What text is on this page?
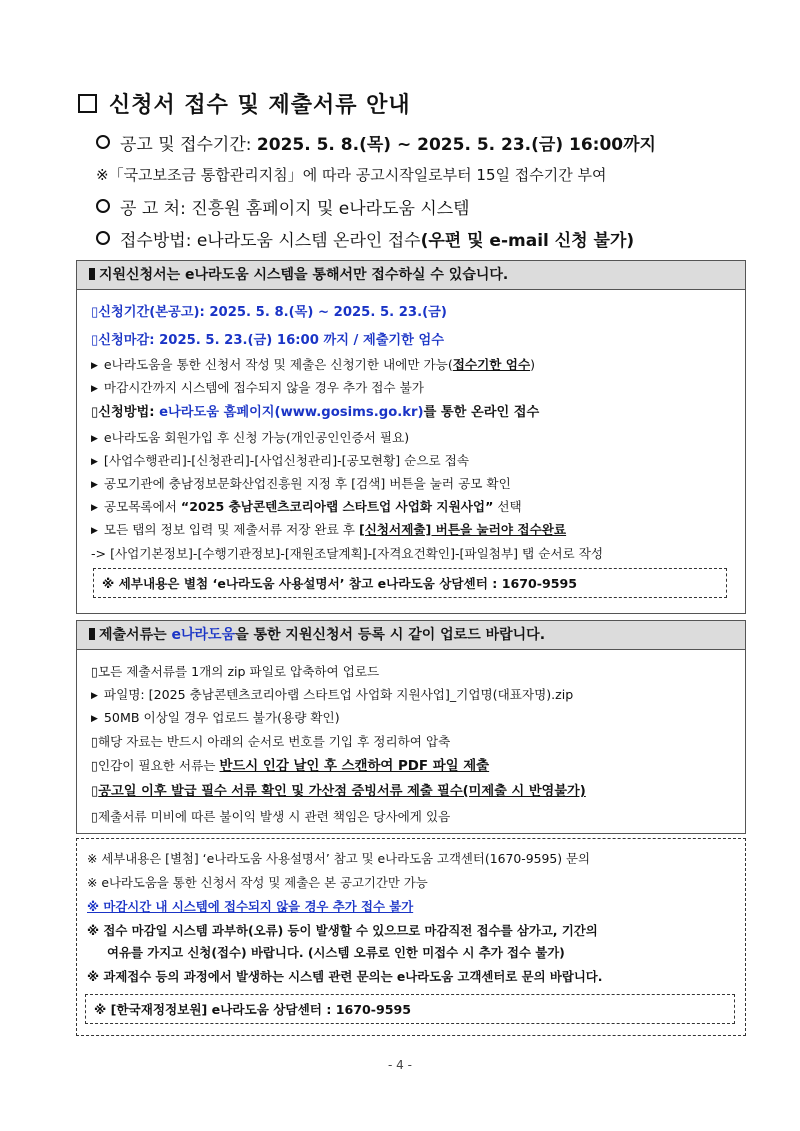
신청서 접수 및 제출서류 안내
공고 및 접수기간: 2025. 5. 8.(목) ~ 2025. 5. 23.(금) 16:00까지
※「국고보조금 통합관리지침」에 따라 공고시작일로부터 15일 접수기간 부여
공 고 처: 진흥원 홈페이지 및 e나라도움 시스템
접수방법: e나라도움 시스템 온라인 접수(우편 및 e-mail 신청 불가)
지원신청서는 e나라도움 시스템을 통해서만 접수하실 수 있습니다.
▯신청기간(본공고): 2025. 5. 8.(목) ~ 2025. 5. 23.(금)
▯신청마감: 2025. 5. 23.(금) 16:00 까지 / 제출기한 엄수
▶ e나라도움을 통한 신청서 작성 및 제출은 신청기한 내에만 가능(접수기한 엄수)
▶ 마감시간까지 시스템에 접수되지 않을 경우 추가 접수 불가
▯신청방법: e나라도움 홈페이지(www.gosims.go.kr)를 통한 온라인 접수
▶ e나라도움 회원가입 후 신청 가능(개인공인인증서 필요)
▶ [사업수행관리]-[신청관리]-[사업신청관리]-[공모현황] 순으로 접속
▶ 공모기관에 충남정보문화산업진흥원 지정 후 [검색] 버튼을 눌러 공모 확인
▶ 공모목록에서 “2025 충남콘텐츠코리아랩 스타트업 사업화 지원사업” 선택
▶ 모든 탭의 정보 입력 및 제출서류 저장 완료 후 [신청서제출] 버튼을 눌러야 접수완료
-> [사업기본정보]-[수행기관정보]-[재원조달계획]-[자격요건확인]-[파일첨부] 탭 순서로 작성
※ 세부내용은 별첨 ‘e나라도움 사용설명서’ 참고 e나라도움 상담센터 : 1670-9595
제출서류는 e나라도움을 통한 지원신청서 등록 시 같이 업로드 바랍니다.
▯모든 제출서류를 1개의 zip 파일로 압축하여 업로드
▶ 파일명: [2025 충남콘텐츠코리아랩 스타트업 사업화 지원사업]_기업명(대표자명).zip
▶ 50MB 이상일 경우 업로드 불가(용량 확인)
▯해당 자료는 반드시 아래의 순서로 번호를 기입 후 정리하여 압축
▯인감이 필요한 서류는 반드시 인감 날인 후 스캔하여 PDF 파일 제출
▯공고일 이후 발급 필수 서류 확인 및 가산점 증빙서류 제출 필수(미제출 시 반영불가)
▯제출서류 미비에 따른 불이익 발생 시 관련 책임은 당사에게 있음
※ 세부내용은 [별첨] ‘e나라도움 사용설명서’ 참고 및 e나라도움 고객센터(1670-9595) 문의
※ e나라도움을 통한 신청서 작성 및 제출은 본 공고기간만 가능
※ 마감시간 내 시스템에 접수되지 않을 경우 추가 접수 불가
※ 접수 마감일 시스템 과부하(오류) 등이 발생할 수 있으므로 마감직전 접수를 삼가고, 기간의
여유를 가지고 신청(접수) 바랍니다. (시스템 오류로 인한 미접수 시 추가 접수 불가)
※ 과제접수 등의 과정에서 발생하는 시스템 관련 문의는 e나라도움 고객센터로 문의 바랍니다.
※ [한국재정정보원] e나라도움 상담센터 : 1670-9595
- 4 -
